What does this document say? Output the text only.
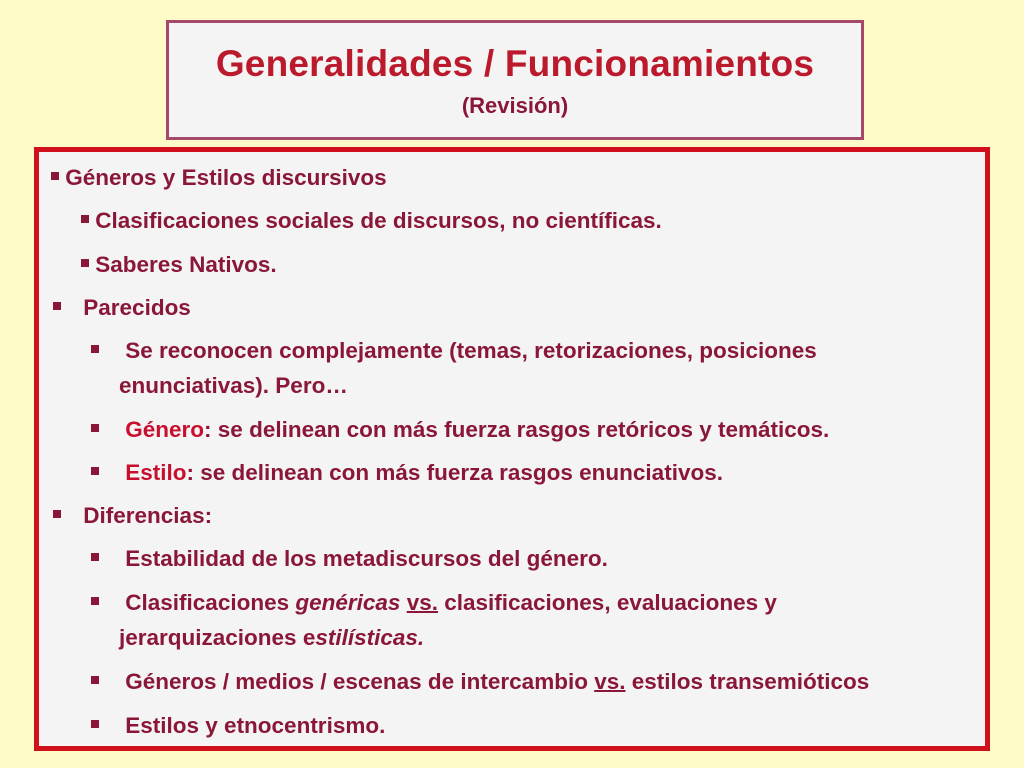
Generalidades / Funcionamientos
(Revisión)
Géneros y Estilos discursivos
Clasificaciones sociales de discursos, no científicas.
Saberes Nativos.
Parecidos
Se reconocen complejamente (temas, retorizaciones, posiciones
enunciativas). Pero…
Género: se delinean con más fuerza rasgos retóricos y temáticos.
Estilo: se delinean con más fuerza rasgos enunciativos.
Diferencias:
Estabilidad de los metadiscursos del género.
Clasificaciones genéricas vs. clasificaciones, evaluaciones y
jerarquizaciones estilísticas.
Géneros / medios / escenas de intercambio vs. estilos transemióticos
Estilos y etnocentrismo.
